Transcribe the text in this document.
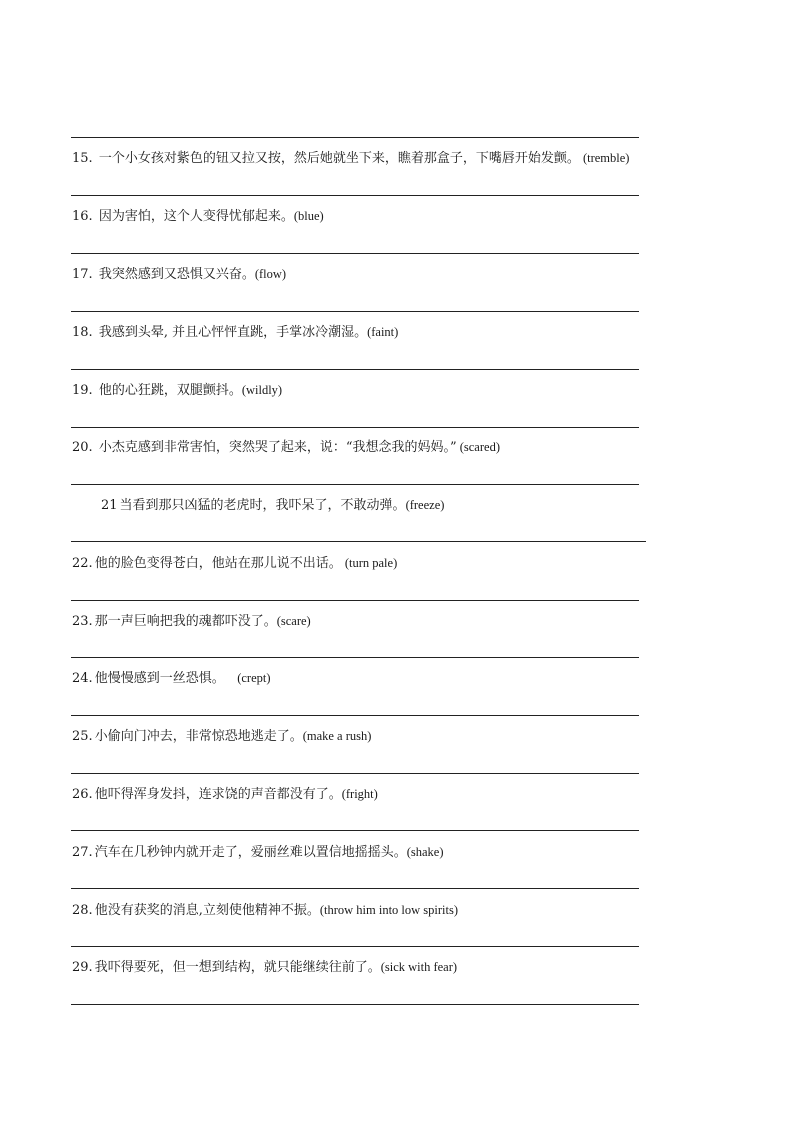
15. 一个小女孩对紫色的钮又拉又按，然后她就坐下来，瞧着那盒子，下嘴唇开始发颤。 (tremble)
16. 因为害怕，这个人变得忧郁起来。(blue)
17. 我突然感到又恐惧又兴奋。(flow)
18. 我感到头晕, 并且心怦怦直跳，手掌冰冷潮湿。(faint)
19. 他的心狂跳，双腿颤抖。(wildly)
20. 小杰克感到非常害怕，突然哭了起来，说：“我想念我的妈妈。” (scared)
21 当看到那只凶猛的老虎时，我吓呆了，不敢动弹。(freeze)
22. 他的脸色变得苍白，他站在那儿说不出话。 (turn pale)
23. 那一声巨响把我的魂都吓没了。(scare)
24. 他慢慢感到一丝恐惧。    (crept)
25. 小偷向门冲去，非常惊恐地逃走了。(make a rush)
26. 他吓得浑身发抖，连求饶的声音都没有了。(fright)
27. 汽车在几秒钟内就开走了，爱丽丝难以置信地摇摇头。(shake)
28. 他没有获奖的消息,立刻使他精神不振。(throw him into low spirits)
29. 我吓得要死，但一想到结构，就只能继续往前了。(sick with fear)
